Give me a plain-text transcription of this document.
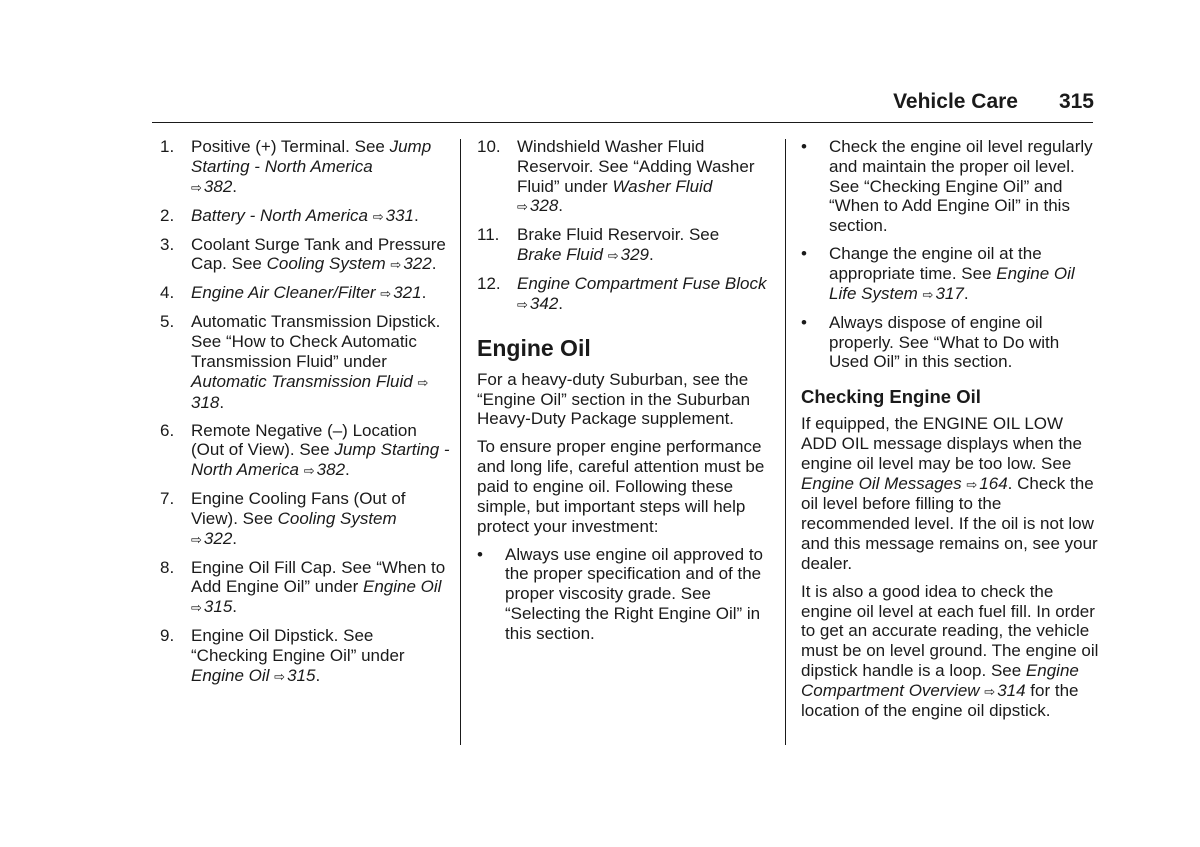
Vehicle Care 315
1. Positive (+) Terminal. See Jump Starting - North America
⇨ 382.
2. Battery - North America ⇨ 331.
3. Coolant Surge Tank and Pressure Cap. See Cooling System ⇨ 322.
4. Engine Air Cleaner/Filter ⇨ 321.
5. Automatic Transmission Dipstick. See “How to Check Automatic Transmission Fluid” under Automatic Transmission Fluid ⇨318.
6. Remote Negative (–) Location (Out of View). See Jump Starting - North America ⇨ 382.
7. Engine Cooling Fans (Out of View). See Cooling System
⇨ 322.
8. Engine Oil Fill Cap. See “When to Add Engine Oil” under Engine Oil ⇨ 315.
9. Engine Oil Dipstick. See “Checking Engine Oil” under Engine Oil ⇨ 315.
10. Windshield Washer Fluid Reservoir. See “Adding Washer Fluid” under Washer Fluid
⇨ 328.
11.	Brake Fluid Reservoir. See
Brake Fluid ⇨ 329.
12. Engine Compartment Fuse Block ⇨ 342.
Engine Oil

For a heavy-duty Suburban, see the “Engine Oil” section in the Suburban Heavy-Duty Package supplement.

To ensure proper engine performance and long life, careful attention must be paid to engine oil. Following these simple, but important steps will help protect your investment:

•	Always use engine oil approved to the proper specification and of the proper viscosity grade. See “Selecting the Right Engine Oil” in this section.
•	Check the engine oil level regularly and maintain the proper oil level. See “Checking Engine Oil” and “When to Add Engine Oil” in this section.
•	Change the engine oil at the appropriate time. See Engine Oil Life System ⇨ 317.
•	Always dispose of engine oil properly. See “What to Do with Used Oil” in this section.
Checking Engine Oil

If equipped, the ENGINE OIL LOW ADD OIL message displays when the engine oil level may be too low. See Engine Oil Messages ⇨ 164. Check the oil level before filling to the recommended level. If the oil is not low and this message remains on, see your dealer.

It is also a good idea to check the engine oil level at each fuel fill. In order to get an accurate reading, the vehicle must be on level ground. The engine oil dipstick handle is a loop. See Engine Compartment Overview ⇨ 314 for the location of the engine oil dipstick.
